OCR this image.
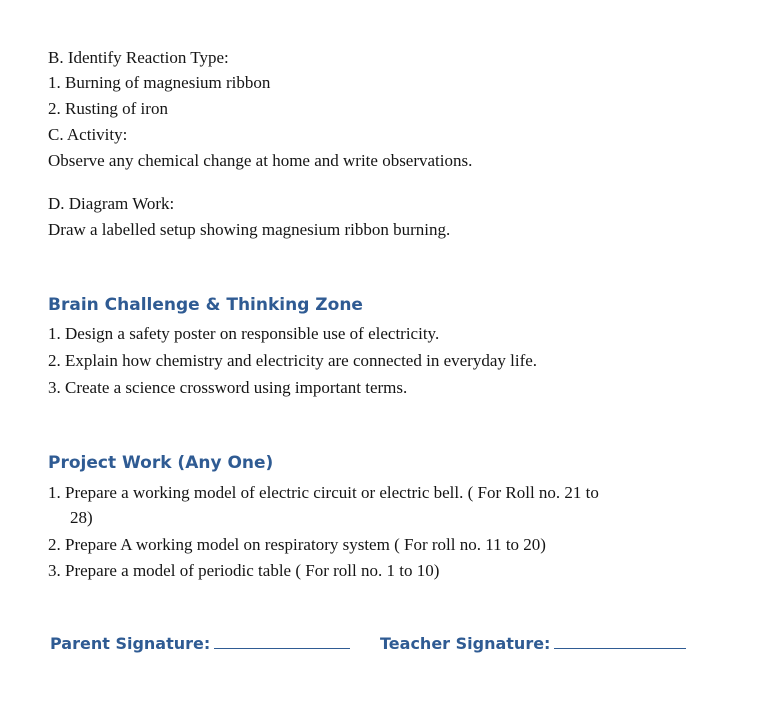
B. Identify Reaction Type:
1. Burning of magnesium ribbon
2. Rusting of iron
C. Activity:
Observe any chemical change at home and write observations.
D. Diagram Work:
Draw a labelled setup showing magnesium ribbon burning.
Brain Challenge & Thinking Zone
1. Design a safety poster on responsible use of electricity.
2. Explain how chemistry and electricity are connected in everyday life.
3. Create a science crossword using important terms.
Project Work (Any One)
1. Prepare a working model of electric circuit or electric bell. ( For Roll no. 21 to
28)
2. Prepare A working model on respiratory system ( For roll no. 11 to 20)
3. Prepare a model of periodic table ( For roll no. 1 to 10)
Parent Signature:	Teacher Signature:
